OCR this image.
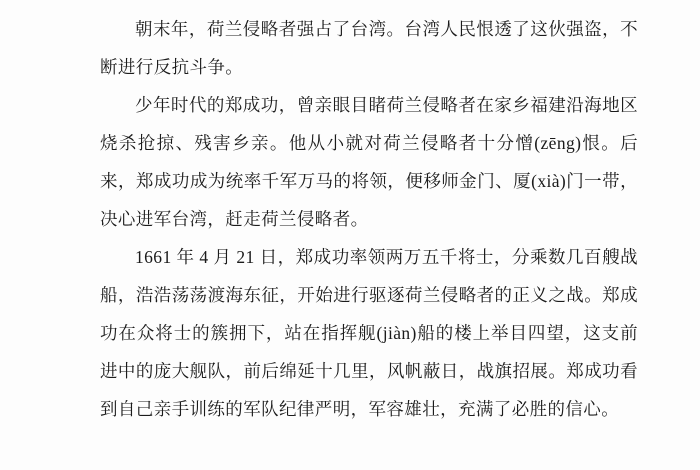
朝末年，荷兰侵略者强占了台湾。台湾人民恨透了这伙强盗，不断进行反抗斗争。

少年时代的郑成功，曾亲眼目睹荷兰侵略者在家乡福建沿海地区烧杀抢掠、残害乡亲。他从小就对荷兰侵略者十分憎(zēng)恨。后来，郑成功成为统率千军万马的将领，便移师金门、厦(xià)门一带，决心进军台湾，赶走荷兰侵略者。

1661 年 4 月 21 日，郑成功率领两万五千将士，分乘数几百艘战船，浩浩荡荡渡海东征，开始进行驱逐荷兰侵略者的正义之战。郑成功在众将士的簇拥下，站在指挥舰(jiàn)船的楼上举目四望，这支前进中的庞大舰队，前后绵延十几里，风帆蔽日，战旗招展。郑成功看到自己亲手训练的军队纪律严明，军容雄壮，充满了必胜的信心。
